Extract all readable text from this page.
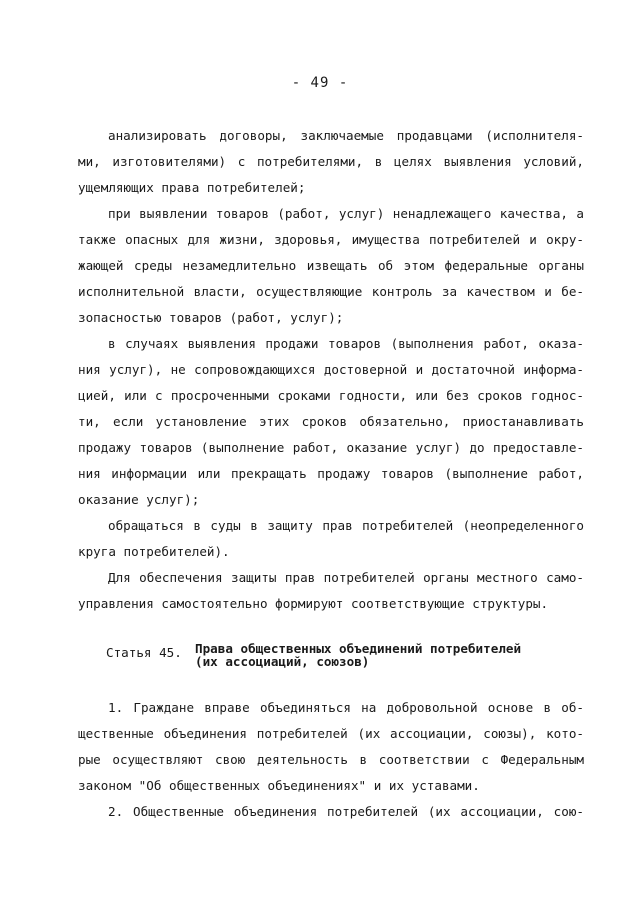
- 49 -
анализировать договоры, заключаемые продавцами (исполнителя-
ми, изготовителями) с потребителями, в целях выявления условий,
ущемляющих права потребителей;
при выявлении товаров (работ, услуг) ненадлежащего качества, а
также опасных для жизни, здоровья, имущества потребителей и окру-
жающей среды незамедлительно извещать об этом федеральные органы
исполнительной власти, осуществляющие контроль за качеством и бе-
зопасностью товаров (работ, услуг);
в случаях выявления продажи товаров (выполнения работ, оказа-
ния услуг), не сопровождающихся достоверной и достаточной информа-
цией, или с просроченными сроками годности, или без сроков годнос-
ти, если установление этих сроков обязательно, приостанавливать
продажу товаров (выполнение работ, оказание услуг) до предоставле-
ния информации или прекращать продажу товаров (выполнение работ,
оказание услуг);
обращаться в суды в защиту прав потребителей (неопределенного
круга потребителей).
Для обеспечения защиты прав потребителей органы местного само-
управления самостоятельно формируют соответствующие структуры.
Статья 45. Права общественных объединений потребителей
(их ассоциаций, союзов)
1. Граждане вправе объединяться на добровольной основе в об-
щественные объединения потребителей (их ассоциации, союзы), кото-
рые осуществляют свою деятельность в соответствии с Федеральным
законом "Об общественных объединениях" и их уставами.
2. Общественные объединения потребителей (их ассоциации, сою-
